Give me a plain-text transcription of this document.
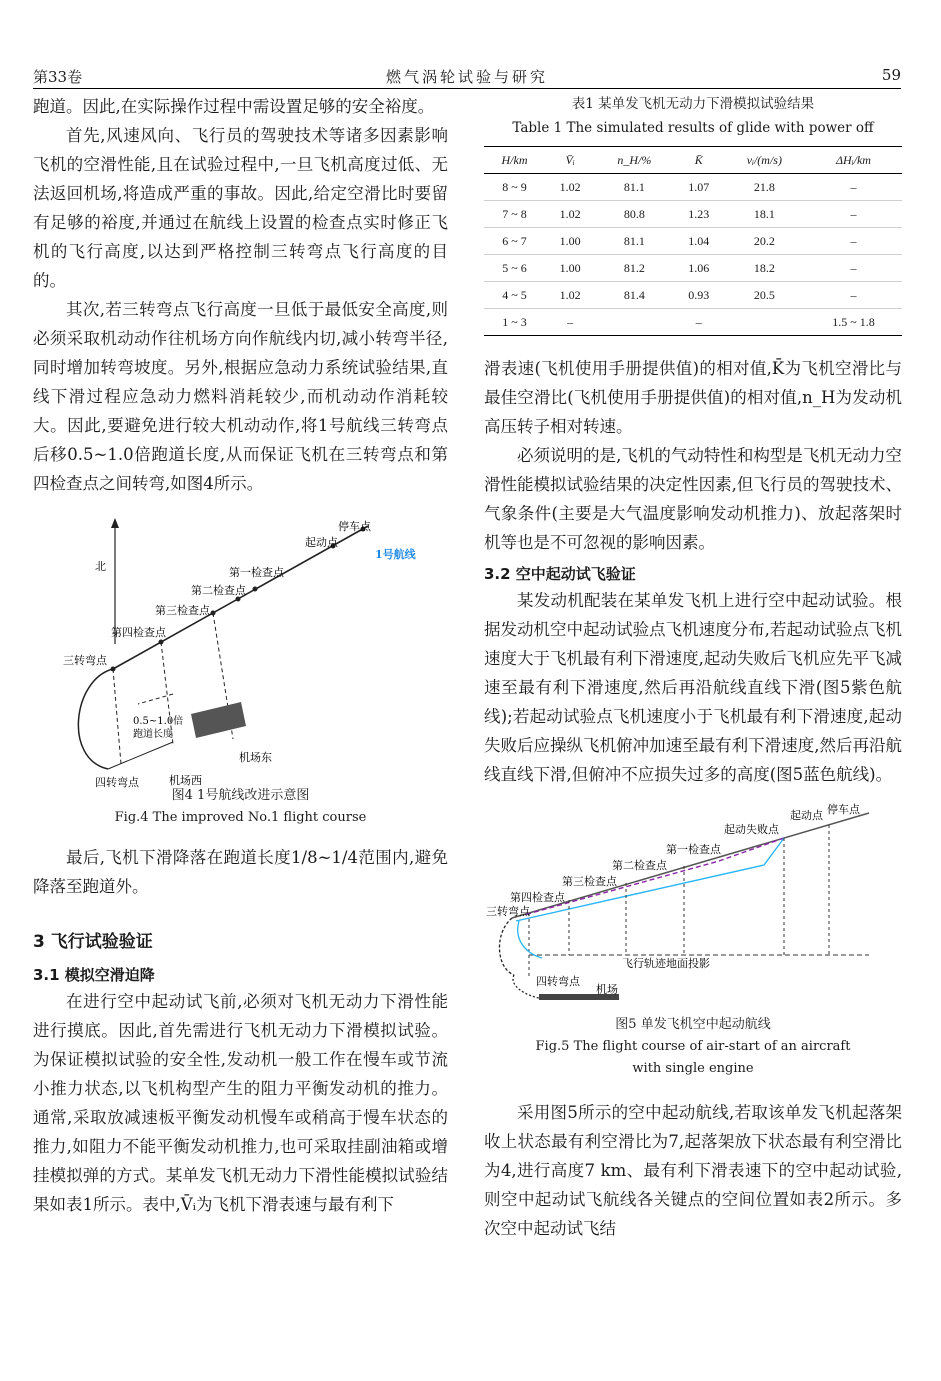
第33卷	燃气涡轮试验与研究	59

跑道。因此,在实际操作过程中需设置足够的安全裕度。

首先,风速风向、飞行员的驾驶技术等诸多因素影响飞机的空滑性能,且在试验过程中,一旦飞机高度过低、无法返回机场,将造成严重的事故。因此,给定空滑比时要留有足够的裕度,并通过在航线上设置的检查点实时修正飞机的飞行高度,以达到严格控制三转弯点飞行高度的目的。

其次,若三转弯点飞行高度一旦低于最低安全高度,则必须采取机动动作往机场方向作航线内切,减小转弯半径,同时增加转弯坡度。另外,根据应急动力系统试验结果,直线下滑过程应急动力燃料消耗较少,而机动动作消耗较大。因此,要避免进行较大机动动作,将1号航线三转弯点后移0.5~1.0倍跑道长度,从而保证飞机在三转弯点和第四检查点之间转弯,如图4所示。

北
停车点
起动点
1号航线
第一检查点
第二检查点
第三检查点
第四检查点
三转弯点
0.5~1.0倍
跑道长度
机场东
四转弯点	机场西

图4 1号航线改进示意图

Fig.4 The improved No.1 flight course

最后,飞机下滑降落在跑道长度1/8~1/4范围内,避免降落至跑道外。

3 飞行试验验证

3.1 模拟空滑迫降

在进行空中起动试飞前,必须对飞机无动力下滑性能进行摸底。因此,首先需进行飞机无动力下滑模拟试验。为保证模拟试验的安全性,发动机一般工作在慢车或节流小推力状态,以飞机构型产生的阻力平衡发动机的推力。通常,采取放减速板平衡发动机慢车或稍高于慢车状态的推力,如阻力不能平衡发动机推力,也可采取挂副油箱或增挂模拟弹的方式。某单发飞机无动力下滑性能模拟试验结果如表1所示。表中,V̄ᵢ为飞机下滑表速与最有利下

表1 某单发飞机无动力下滑模拟试验结果

Table 1 The simulated results of glide with power off

H/km	V̄ᵢ	n_H/%	K̄	vᵢ/(m/s)	ΔHᵢ/km
8 ~ 9	1.02	81.1	1.07	21.8	–
7 ~ 8	1.02	80.8	1.23	18.1	–
6 ~ 7	1.00	81.1	1.04	20.2	–
5 ~ 6	1.00	81.2	1.06	18.2	–
4 ~ 5	1.02	81.4	0.93	20.5	–
1 ~ 3	–		–		1.5 ~ 1.8

滑表速(飞机使用手册提供值)的相对值,K̄为飞机空滑比与最佳空滑比(飞机使用手册提供值)的相对值,n_H为发动机高压转子相对转速。

必须说明的是,飞机的气动特性和构型是飞机无动力空滑性能模拟试验结果的决定性因素,但飞行员的驾驶技术、气象条件(主要是大气温度影响发动机推力)、放起落架时机等也是不可忽视的影响因素。

3.2 空中起动试飞验证

某发动机配装在某单发飞机上进行空中起动试验。根据发动机空中起动试验点飞机速度分布,若起动试验点飞机速度大于飞机最有利下滑速度,起动失败后飞机应先平飞减速至最有利下滑速度,然后再沿航线直线下滑(图5紫色航线);若起动试验点飞机速度小于飞机最有利下滑速度,起动失败后应操纵飞机俯冲加速至最有利下滑速度,然后再沿航线直线下滑,但俯冲不应损失过多的高度(图5蓝色航线)。

停车点
起动点
起动失败点
第一检查点
第二检查点
第三检查点
第四检查点
三转弯点
飞行轨迹地面投影
四转弯点
机场

图5 单发飞机空中起动航线

Fig.5 The flight course of air-start of an aircraft

with single engine

采用图5所示的空中起动航线,若取该单发飞机起落架收上状态最有利空滑比为7,起落架放下状态最有利空滑比为4,进行高度7 km、最有利下滑表速下的空中起动试验,则空中起动试飞航线各关键点的空间位置如表2所示。多次空中起动试飞结
